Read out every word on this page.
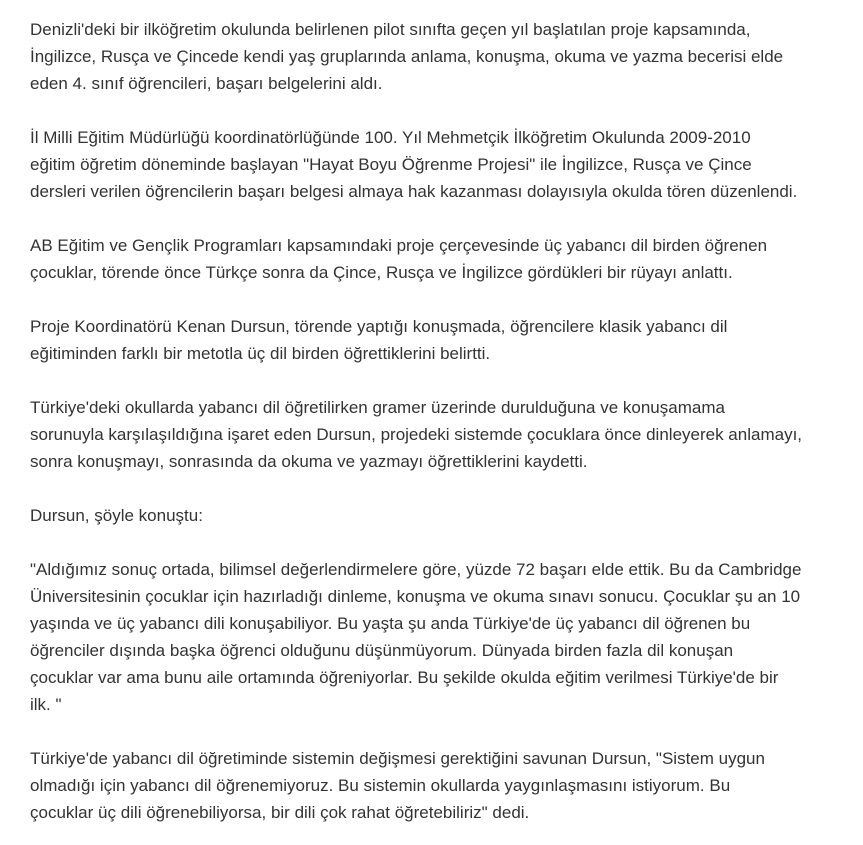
Denizli'deki bir ilköğretim okulunda belirlenen pilot sınıfta geçen yıl başlatılan proje kapsamında,
İngilizce, Rusça ve Çincede kendi yaş gruplarında anlama, konuşma, okuma ve yazma becerisi elde
eden 4. sınıf öğrencileri, başarı belgelerini aldı.

İl Milli Eğitim Müdürlüğü koordinatörlüğünde 100. Yıl Mehmetçik İlköğretim Okulunda 2009-2010
eğitim öğretim döneminde başlayan "Hayat Boyu Öğrenme Projesi" ile İngilizce, Rusça ve Çince
dersleri verilen öğrencilerin başarı belgesi almaya hak kazanması dolayısıyla okulda tören düzenlendi.

AB Eğitim ve Gençlik Programları kapsamındaki proje çerçevesinde üç yabancı dil birden öğrenen
çocuklar, törende önce Türkçe sonra da Çince, Rusça ve İngilizce gördükleri bir rüyayı anlattı.

Proje Koordinatörü Kenan Dursun, törende yaptığı konuşmada, öğrencilere klasik yabancı dil
eğitiminden farklı bir metotla üç dil birden öğrettiklerini belirtti.

Türkiye'deki okullarda yabancı dil öğretilirken gramer üzerinde durulduğuna ve konuşamama
sorunuyla karşılaşıldığına işaret eden Dursun, projedeki sistemde çocuklara önce dinleyerek anlamayı,
sonra konuşmayı, sonrasında da okuma ve yazmayı öğrettiklerini kaydetti.

Dursun, şöyle konuştu:

"Aldığımız sonuç ortada, bilimsel değerlendirmelere göre, yüzde 72 başarı elde ettik. Bu da Cambridge
Üniversitesinin çocuklar için hazırladığı dinleme, konuşma ve okuma sınavı sonucu. Çocuklar şu an 10
yaşında ve üç yabancı dili konuşabiliyor. Bu yaşta şu anda Türkiye'de üç yabancı dil öğrenen bu
öğrenciler dışında başka öğrenci olduğunu düşünmüyorum. Dünyada birden fazla dil konuşan
çocuklar var ama bunu aile ortamında öğreniyorlar. Bu şekilde okulda eğitim verilmesi Türkiye'de bir
ilk. "

Türkiye'de yabancı dil öğretiminde sistemin değişmesi gerektiğini savunan Dursun, "Sistem uygun
olmadığı için yabancı dil öğrenemiyoruz. Bu sistemin okullarda yaygınlaşmasını istiyorum. Bu
çocuklar üç dili öğrenebiliyorsa, bir dili çok rahat öğretebiliriz" dedi.
